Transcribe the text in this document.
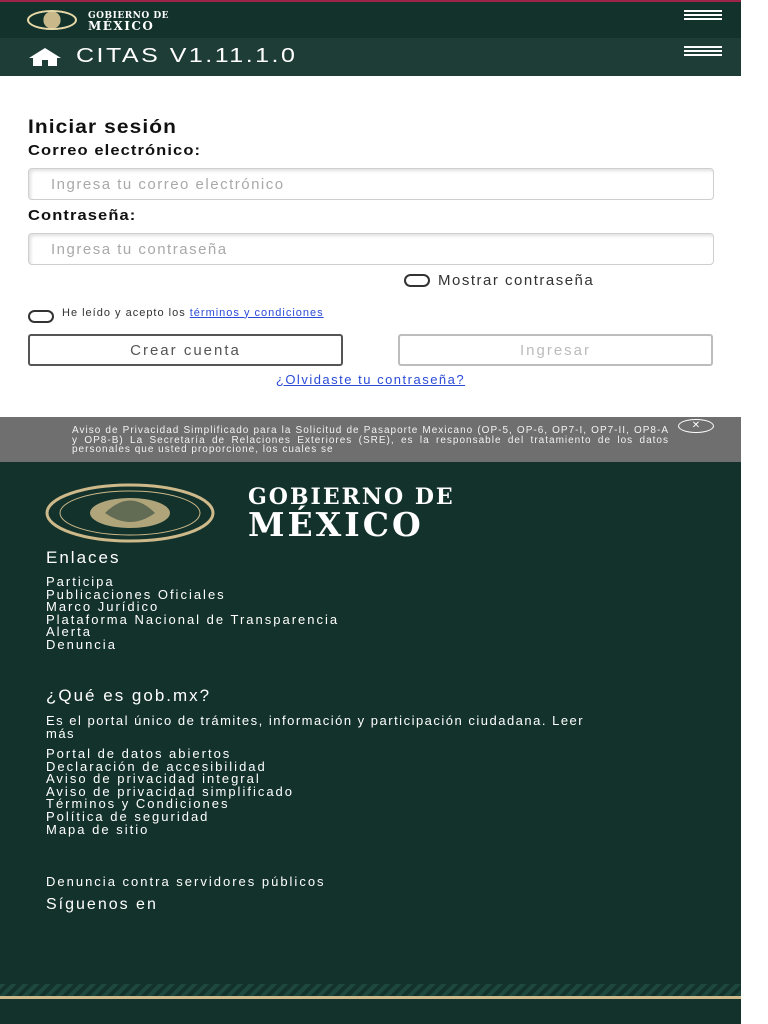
GOBIERNO DE
MÉXICO
CITAS V1.11.1.0
Iniciar sesión
Correo electrónico:
Ingresa tu correo electrónico
Contraseña:
Mostrar contraseña
He leído y acepto los términos y condiciones
Crear cuenta	Ingresar
¿Olvidaste tu contraseña?

Aviso de Privacidad Simplificado para la Solicitud de Pasaporte Mexicano (OP-5, OP-6, OP7-I, OP7-II, OP8-A y OP8-B) La Secretaría de Relaciones Exteriores (SRE), es la responsable del tratamiento de los datos personales que usted proporcione, los cuales se

✕
GOBIERNO DE
MÉXICO
Enlaces
Participa
Publicaciones Oficiales
Marco Jurídico
Plataforma Nacional de Transparencia
Alerta
Denuncia
¿Qué es gob.mx?
Es el portal único de trámites, información y participación ciudadana. Leer más
Portal de datos abiertos
Declaración de accesibilidad
Aviso de privacidad integral
Aviso de privacidad simplificado
Términos y Condiciones
Política de seguridad
Mapa de sitio
Denuncia contra servidores públicos
Síguenos en
